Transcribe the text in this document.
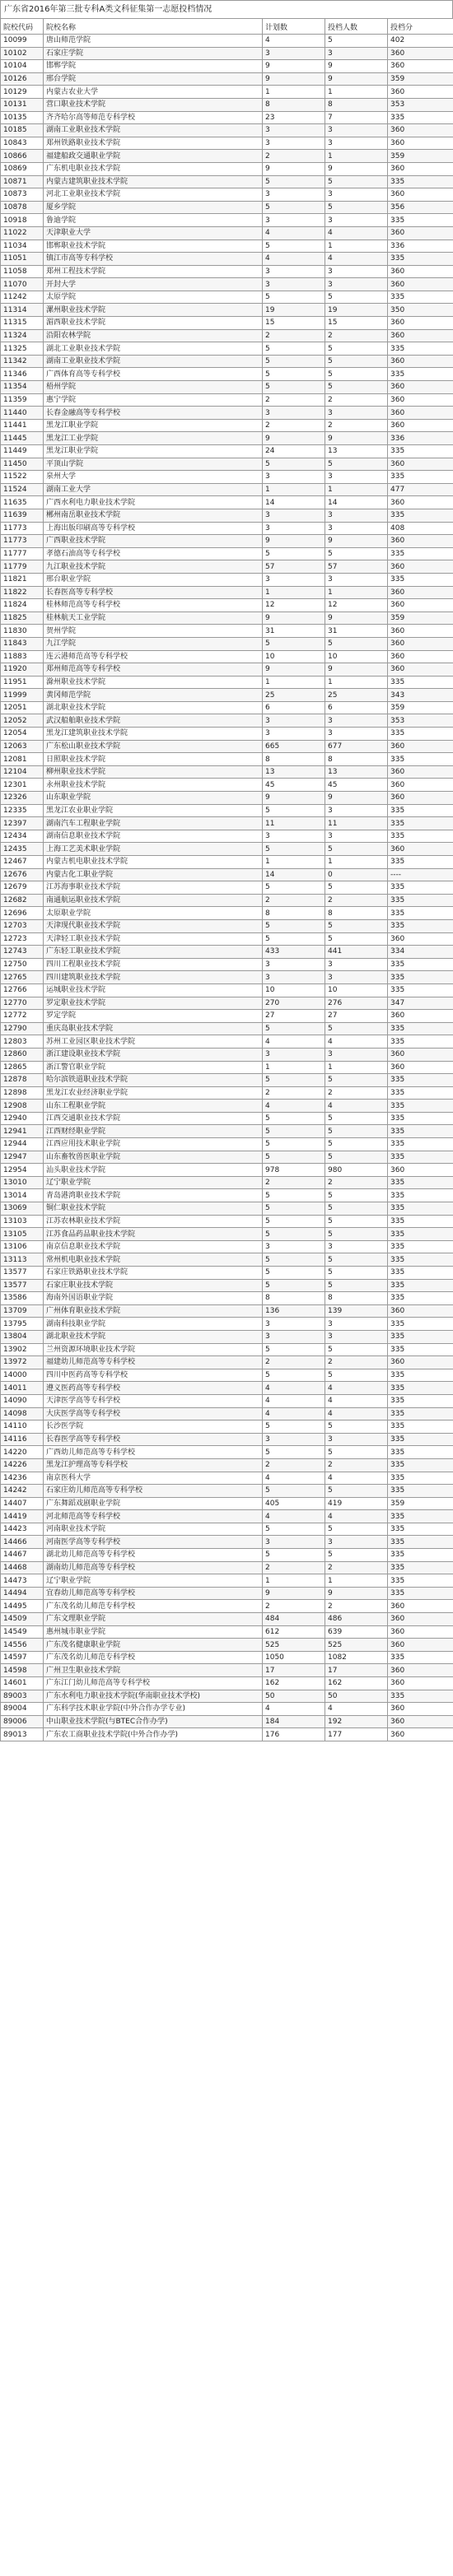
广东省2016年第三批专科A类文科征集第一志愿投档情况
院校代码	院校名称	计划数	投档人数	投档分
10099	唐山师范学院	4	5	402
10102	石家庄学院	3	3	360
10104	邯郸学院	9	9	360
10126	邢台学院	9	9	359
10129	内蒙古农业大学	1	1	360
10131	营口职业技术学院	8	8	353
10135	齐齐哈尔高等师范专科学校	23	7	335
10185	湖南工业职业技术学院	3	3	360
10843	郑州铁路职业技术学院	3	3	360
10866	福建船政交通职业学院	2	1	359
10869	广东机电职业技术学院	9	9	360
10871	内蒙古建筑职业技术学院	5	5	335
10873	河北工业职业技术学院	3	3	360
10878	厦乡学院	5	5	356
10918	鲁迪学院	3	3	335
11022	天津职业大学	4	4	360
11034	邯郸职业技术学院	5	1	336
11051	镇江市高等专科学校	4	4	335
11058	郑州工程技术学院	3	3	360
11070	开封大学	3	3	360
11242	太原学院	5	5	335
11314	漯州职业技术学院	19	19	350
11315	湄西职业技术学院	15	15	360
11324	沿阳农林学院	2	2	360
11325	湖北工业职业技术学院	5	5	335
11342	湖南工业职业技术学院	5	5	360
11346	广西体育高等专科学校	5	5	335
11354	梧州学院	5	5	360
11359	惠宁学院	2	2	360
11440	长春金融高等专科学校	3	3	360
11441	黑龙江职业学院	2	2	360
11445	黑龙江工业学院	9	9	336
11449	黑龙江职业学院	24	13	335
11450	平顶山学院	5	5	360
11522	泉州大学	3	3	335
11524	湖南工业大学	1	1	477
11635	广西水利电力职业技术学院	14	14	360
11639	郴州南岳职业技术学院	3	3	335
11773	上海出版印刷高等专科学校	3	3	408
11773	广西职业技术学院	9	9	360
11777	孝德石油高等专科学校	5	5	335
11779	九江职业技术学院	57	57	360
11821	邢台职业学院	3	3	335
11822	长春医高等专科学校	1	1	360
11824	桂林师范高等专科学校	12	12	360
11825	桂林航天工业学院	9	9	359
11830	贺州学院	31	31	360
11843	九江学院	5	5	360
11883	连云港师范高等专科学校	10	10	360
11920	郑州师范高等专科学校	9	9	360
11951	滁州职业技术学院	1	1	335
11999	黄冈师范学院	25	25	343
12051	湖北职业技术学院	6	6	359
12052	武汉船舶职业技术学院	3	3	353
12054	黑龙江建筑职业技术学院	3	3	335
12063	广东松山职业技术学院	665	677	360
12081	日照职业技术学院	8	8	335
12104	柳州职业技术学院	13	13	360
12301	永州职业技术学院	45	45	360
12326	山东职业学院	9	9	360
12335	黑龙江农业职业学院	5	3	335
12397	湖南汽车工程职业学院	11	11	335
12434	湖南信息职业技术学院	3	3	335
12435	上海工艺美术职业学院	5	5	360
12467	内蒙古机电职业技术学院	1	1	335
12676	内蒙古化工职业学院	14	0	----
12679	江苏海事职业技术学院	5	5	335
12682	南通航运职业技术学院	2	2	335
12696	太原职业学院	8	8	335
12703	天津现代职业技术学院	5	5	335
12723	天津轻工职业技术学院	5	5	360
12743	广东轻工职业技术学院	433	441	334
12750	四川工程职业技术学院	3	3	335
12765	四川建筑职业技术学院	3	3	335
12766	运城职业技术学院	10	10	335
12770	罗定职业技术学院	270	276	347
12772	罗定学院	27	27	360
12790	重庆岛职业技术学院	5	5	335
12803	苏州工业园区职业技术学院	4	4	335
12860	浙江建设职业技术学院	3	3	360
12865	浙江警官职业学院	1	1	360
12878	哈尔滨铁道职业技术学院	5	5	335
12898	黑龙江农业经济职业学院	2	2	335
12908	山东工程职业学院	4	4	335
12940	江西交通职业技术学院	5	5	335
12941	江西财经职业学院	5	5	335
12944	江西应用技术职业学院	5	5	335
12947	山东畜牧兽医职业学院	5	5	335
12954	汕头职业技术学院	978	980	360
13010	辽宁职业学院	2	2	335
13014	青岛港湾职业技术学院	5	5	335
13069	铜仁职业技术学院	5	5	335
13103	江苏农林职业技术学院	5	5	335
13105	江苏食品药品职业技术学院	5	5	335
13106	南京信息职业技术学院	3	3	335
13113	常州机电职业技术学院	5	5	335
13577	石家庄铁路职业技术学院	5	5	335
13577	石家庄职业技术学院	5	5	335
13586	海南外国语职业学院	8	8	335
13709	广州体育职业技术学院	136	139	360
13795	湖南科技职业学院	3	3	335
13804	湖北职业技术学院	3	3	335
13902	兰州资源环境职业技术学院	5	5	335
13972	福建幼儿师范高等专科学校	2	2	360
14000	四川中医药高等专科学校	5	5	335
14011	遵义医药高等专科学校	4	4	335
14090	天津医学高等专科学校	4	4	335
14098	大庆医学高等专科学校	4	4	335
14110	长沙医学院	5	5	335
14116	长春医学高等专科学校	3	3	335
14220	广西幼儿师范高等专科学校	5	5	335
14226	黑龙江护理高等专科学校	2	2	335
14236	南京医科大学	4	4	335
14242	石家庄幼儿师范高等专科学校	5	5	335
14407	广东舞蹈戏剧职业学院	405	419	359
14419	河北师范高等专科学校	4	4	335
14423	河南职业技术学院	5	5	335
14466	河南医学高等专科学校	3	3	335
14467	湖北幼儿师范高等专科学校	5	5	335
14468	湖南幼儿师范高等专科学校	2	2	335
14473	辽宁职业学院	1	1	335
14494	宜春幼儿师范高等专科学校	9	9	335
14495	广东茂名幼儿师范专科学校	2	2	360
14509	广东文理职业学院	484	486	360
14549	惠州城市职业学院	612	639	360
14556	广东茂名健康职业学院	525	525	360
14597	广东茂名幼儿师范专科学校	1050	1082	335
14598	广州卫生职业技术学院	17	17	360
14601	广东江门幼儿师范高等专科学校	162	162	360
89003	广东水利电力职业技术学院(华南职业技术学校)	50	50	335
89004	广东科学技术职业学院(中外合作办学专业)	4	4	360
89006	中山职业技术学院(与BTEC合作办学)	184	192	360
89013	广东农工商职业技术学院(中外合作办学)	176	177	360
